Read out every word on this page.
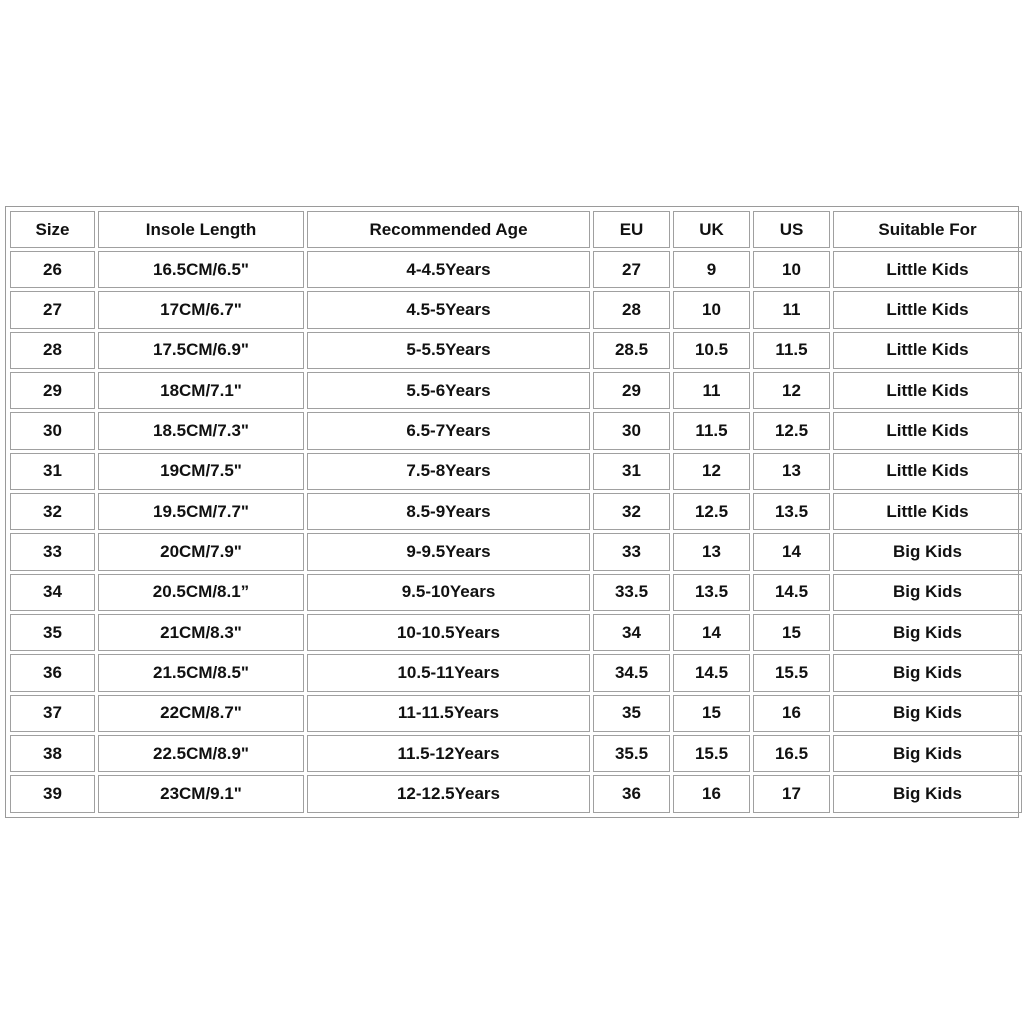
Size	Insole Length	Recommended Age	EU	UK	US	Suitable For
26	16.5CM/6.5"	4-4.5Years	27	9	10	Little Kids
27	17CM/6.7"	4.5-5Years	28	10	11	Little Kids
28	17.5CM/6.9"	5-5.5Years	28.5	10.5	11.5	Little Kids
29	18CM/7.1"	5.5-6Years	29	11	12	Little Kids
30	18.5CM/7.3"	6.5-7Years	30	11.5	12.5	Little Kids
31	19CM/7.5"	7.5-8Years	31	12	13	Little Kids
32	19.5CM/7.7"	8.5-9Years	32	12.5	13.5	Little Kids
33	20CM/7.9"	9-9.5Years	33	13	14	Big Kids
34	20.5CM/8.1”	9.5-10Years	33.5	13.5	14.5	Big Kids
35	21CM/8.3"	10-10.5Years	34	14	15	Big Kids
36	21.5CM/8.5"	10.5-11Years	34.5	14.5	15.5	Big Kids
37	22CM/8.7"	11-11.5Years	35	15	16	Big Kids
38	22.5CM/8.9"	11.5-12Years	35.5	15.5	16.5	Big Kids
39	23CM/9.1"	12-12.5Years	36	16	17	Big Kids
